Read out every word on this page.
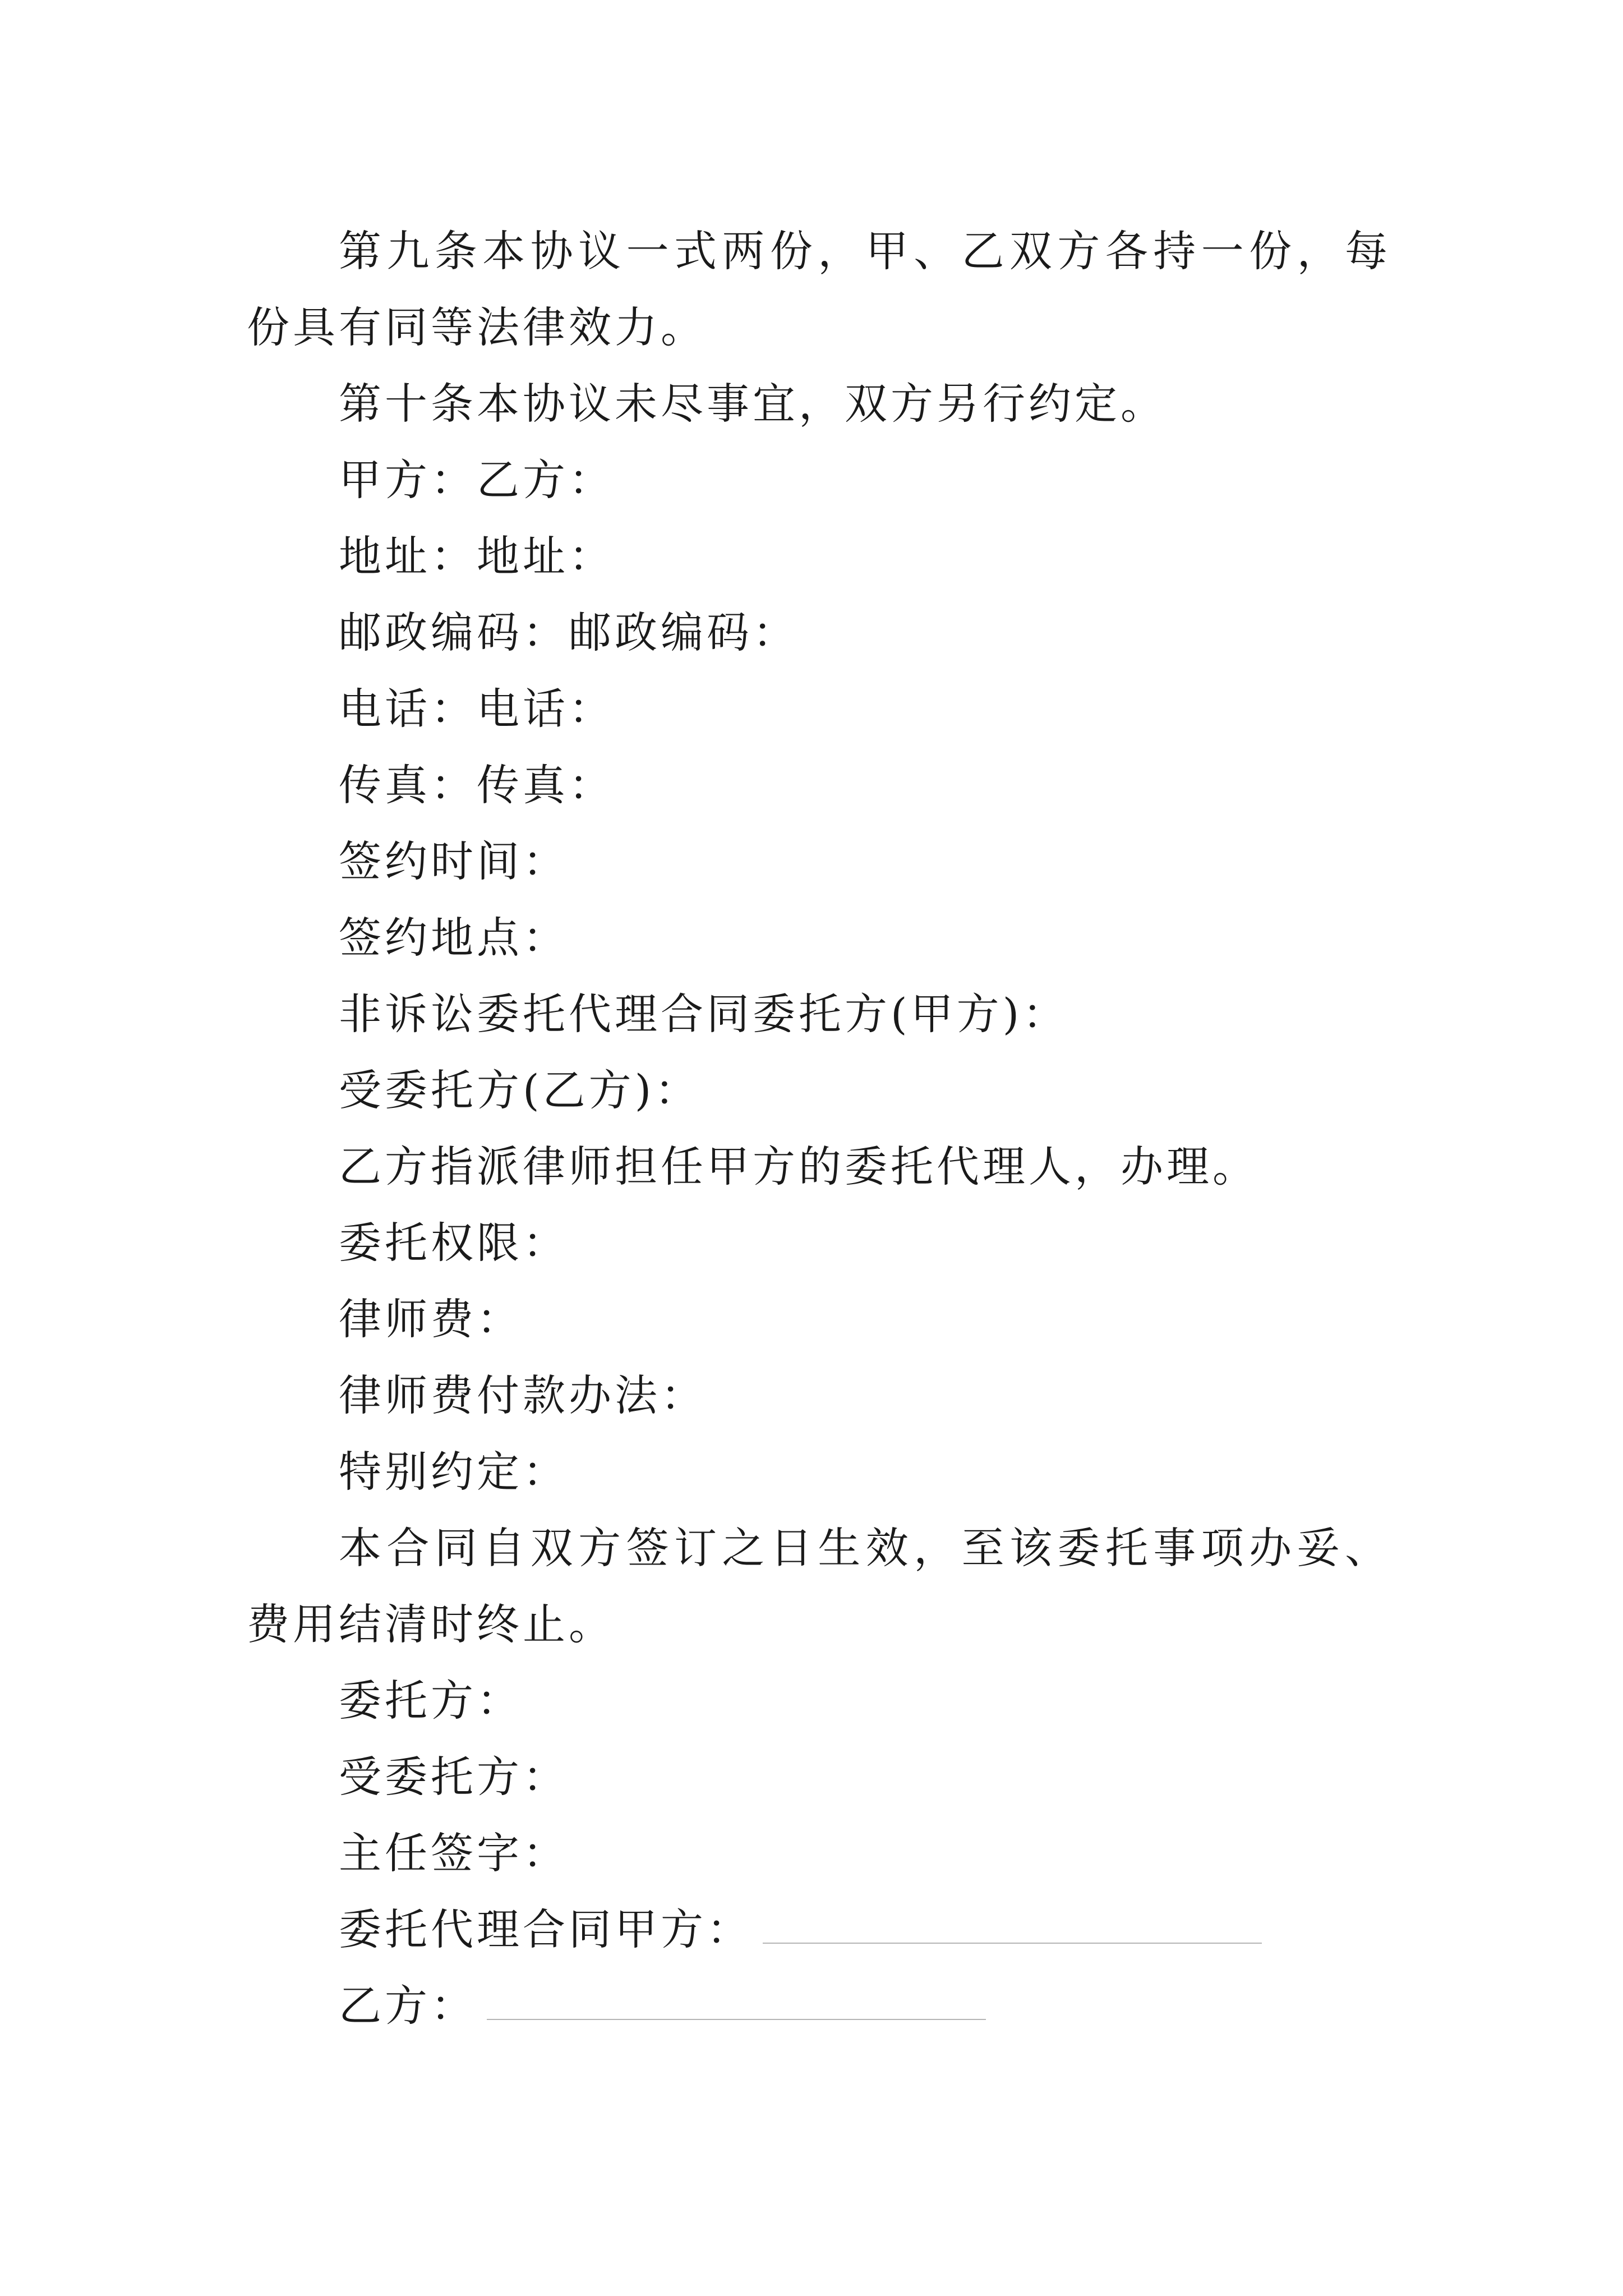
第九条本协议一式两份，甲、乙双方各持一份，每份具有同等法律效力。

第十条本协议未尽事宜，双方另行约定。

甲方：乙方：

地址：地址：

邮政编码：邮政编码：

电话：电话：

传真：传真：

签约时间：

签约地点：

非诉讼委托代理合同委托方(甲方)：

受委托方(乙方)：

乙方指派律师担任甲方的委托代理人，办理。

委托权限：

律师费：

律师费付款办法：

特别约定：

本合同自双方签订之日生效，至该委托事项办妥、费用结清时终止。

委托方：

受委托方：

主任签字：

委托代理合同甲方：

乙方：
